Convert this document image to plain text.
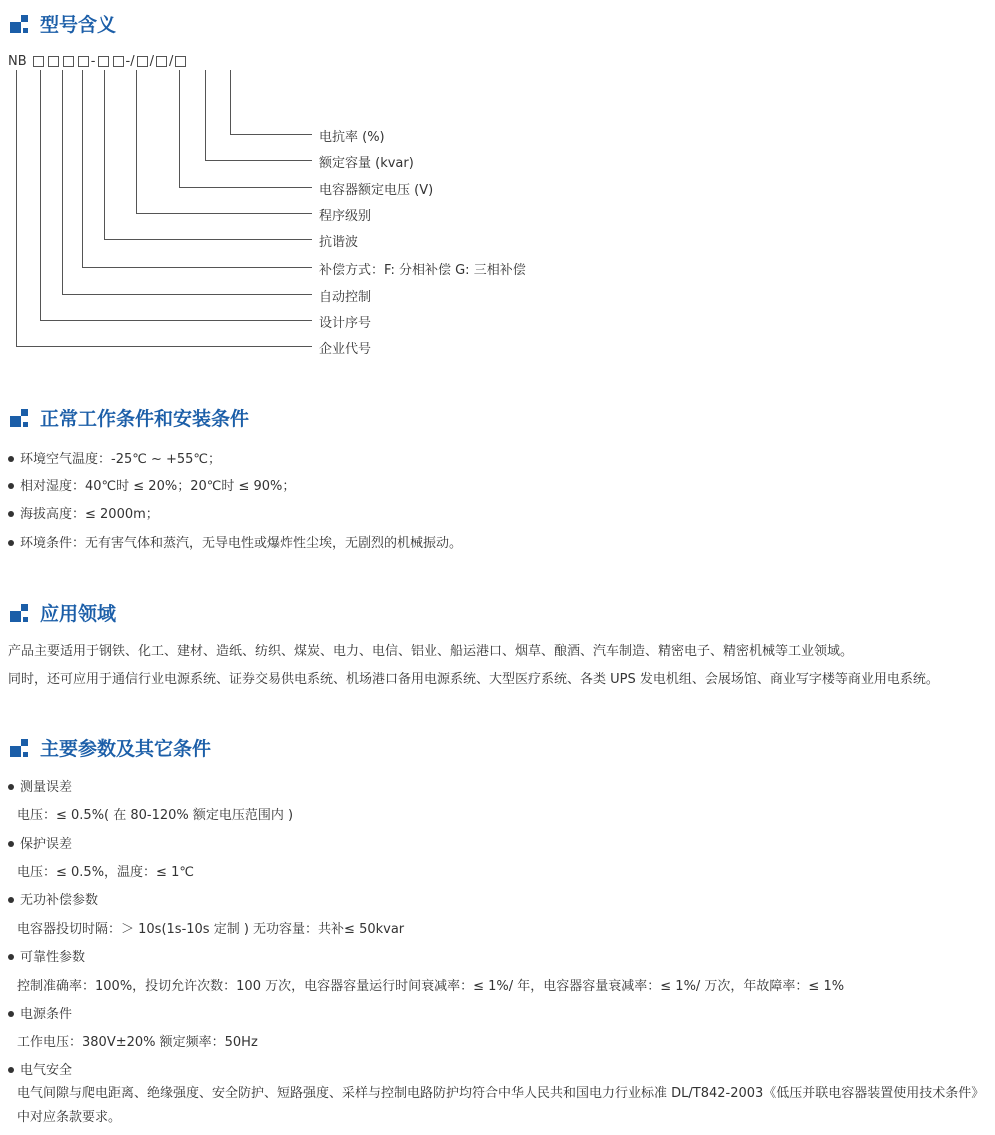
型号含义
NB	- -/ / /
电抗率 (%)
额定容量 (kvar)
电容器额定电压 (V)
程序级别
抗谐波
补偿方式：F: 分相补偿 G: 三相补偿
自动控制
设计序号
企业代号
正常工作条件和安装条件
环境空气温度：-25℃ ~ +55℃；
相对湿度：40℃时 ≤ 20%；20℃时 ≤ 90%；
海拔高度：≤ 2000m；
环境条件：无有害气体和蒸汽，无导电性或爆炸性尘埃，无剧烈的机械振动。
应用领域
产品主要适用于钢铁、化工、建材、造纸、纺织、煤炭、电力、电信、铝业、船运港口、烟草、酿酒、汽车制造、精密电子、精密机械等工业领域。
同时，还可应用于通信行业电源系统、证券交易供电系统、机场港口备用电源系统、大型医疗系统、各类 UPS 发电机组、会展场馆、商业写字楼等商业用电系统。
主要参数及其它条件
测量误差
电压：≤ 0.5%( 在 80-120% 额定电压范围内 )
保护误差
电压：≤ 0.5%，温度：≤ 1℃
无功补偿参数
电容器投切时隔：＞ 10s(1s-10s 定制 ) 无功容量：共补≤ 50kvar
可靠性参数
控制准确率：100%，投切允许次数：100 万次，电容器容量运行时间衰减率：≤ 1%/ 年，电容器容量衰减率：≤ 1%/ 万次，年故障率：≤ 1%
电源条件
工作电压：380V±20% 额定频率：50Hz
电气安全
电气间隙与爬电距离、绝缘强度、安全防护、短路强度、采样与控制电路防护均符合中华人民共和国电力行业标准 DL/T842-2003《低压并联电容器装置使用技术条件》中对应条款要求。
